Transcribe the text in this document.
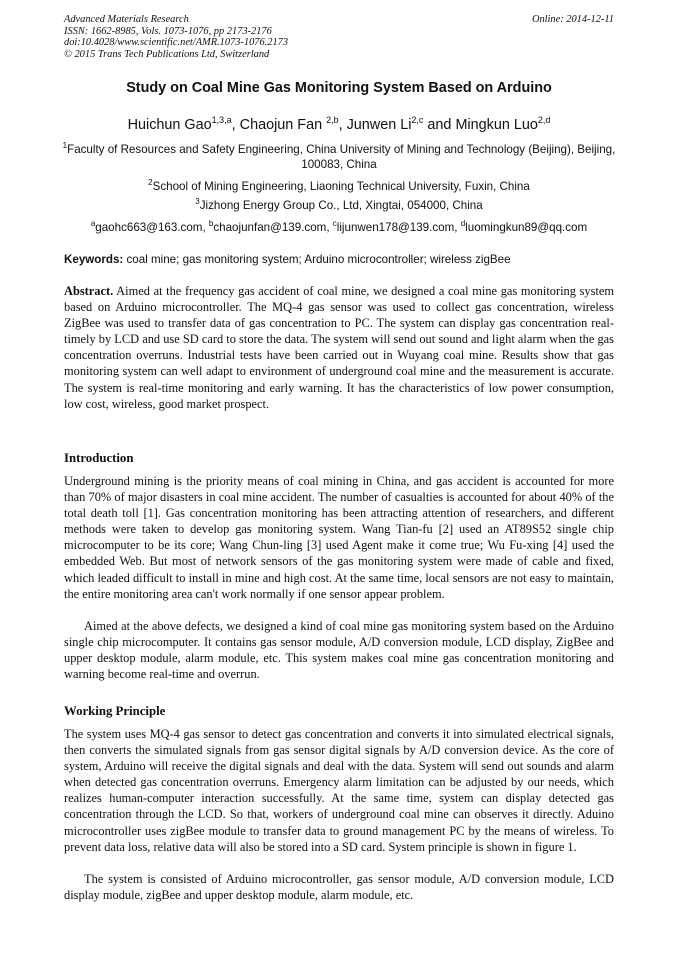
Advanced Materials Research
ISSN: 1662-8985, Vols. 1073-1076, pp 2173-2176
doi:10.4028/www.scientific.net/AMR.1073-1076.2173
© 2015 Trans Tech Publications Ltd, Switzerland
Online: 2014-12-11
Study on Coal Mine Gas Monitoring System Based on Arduino
Huichun Gao$^{1,3,a}$, Chaojun Fan $^{2,b}$, Junwen Li$^{2,c}$ and Mingkun Luo$^{2,d}$
$^1$Faculty of Resources and Safety Engineering, China University of Mining and Technology (Beijing), Beijing, 100083, China
$^2$School of Mining Engineering, Liaoning Technical University, Fuxin, China
$^3$Jizhong Energy Group Co., Ltd, Xingtai, 054000, China
$^a$gaohc663@163.com, $^b$chaojunfan@139.com, $^c$lijunwen178@139.com, $^d$luomingkun89@qq.com
Keywords: coal mine; gas monitoring system; Arduino microcontroller; wireless zigBee
Abstract. Aimed at the frequency gas accident of coal mine, we designed a coal mine gas monitoring system based on Arduino microcontroller. The MQ-4 gas sensor was used to collect gas concentration, wireless ZigBee was used to transfer data of gas concentration to PC. The system can display gas concentration real-timely by LCD and use SD card to store the data. The system will send out sound and light alarm when the gas concentration overruns. Industrial tests have been carried out in Wuyang coal mine. Results show that gas monitoring system can well adapt to environment of underground coal mine and the measurement is accurate. The system is real-time monitoring and early warning. It has the characteristics of low power consumption, low cost, wireless, good market prospect.
Introduction
Underground mining is the priority means of coal mining in China, and gas accident is accounted for more than 70% of major disasters in coal mine accident. The number of casualties is accounted for about 40% of the total death toll [1]. Gas concentration monitoring has been attracting attention of researchers, and different methods were taken to develop gas monitoring system. Wang Tian-fu [2] used an AT89S52 single chip microcomputer to be its core; Wang Chun-ling [3] used Agent make it come true; Wu Fu-xing [4] used the embedded Web. But most of network sensors of the gas monitoring system were made of cable and fixed, which leaded difficult to install in mine and high cost. At the same time, local sensors are not easy to maintain, the entire monitoring area can't work normally if one sensor appear problem.
Aimed at the above defects, we designed a kind of coal mine gas monitoring system based on the Arduino single chip microcomputer. It contains gas sensor module, A/D conversion module, LCD display, ZigBee and upper desktop module, alarm module, etc. This system makes coal mine gas concentration monitoring and warning become real-time and overrun.
Working Principle
The system uses MQ-4 gas sensor to detect gas concentration and converts it into simulated electrical signals, then converts the simulated signals from gas sensor digital signals by A/D conversion device. As the core of system, Arduino will receive the digital signals and deal with the data. System will send out sounds and alarm when detected gas concentration overruns. Emergency alarm limitation can be adjusted by our needs, which realizes human-computer interaction successfully. At the same time, system can display detected gas concentration through the LCD. So that, workers of underground coal mine can observes it directly. Aduino microcontroller uses zigBee module to transfer data to ground management PC by the means of wireless. To prevent data loss, relative data will also be stored into a SD card. System principle is shown in figure 1.
The system is consisted of Arduino microcontroller, gas sensor module, A/D conversion module, LCD display module, zigBee and upper desktop module, alarm module, etc.
